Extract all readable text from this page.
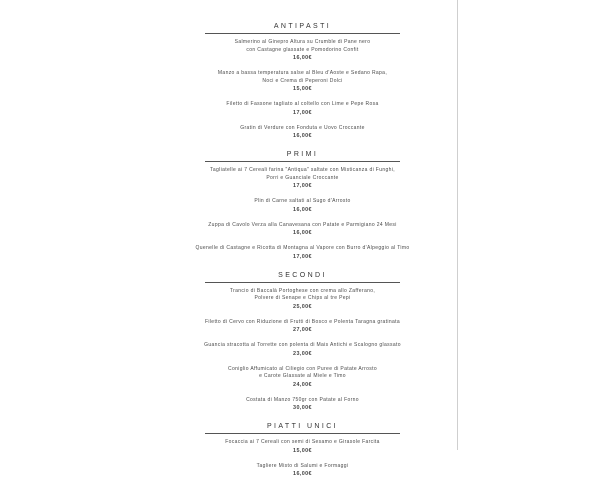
ANTIPASTI
Salmerino al Ginepro Altura su Crumble di Pane nero
con Castagne glassate e Pomodorino Confit
16,00€
Manzo a bassa temperatura salse al Bleu d'Aoste e Sedano Rapa,
Noci e Crema di Peperoni Dolci
15,00€
Filetto di Fassone tagliato al coltello con Lime e Pepe Rosa
17,00€
Gratin di Verdure con Fonduta e Uovo Croccante
16,00€
PRIMI
Tagliatelle ai 7 Cereali farina "Antiqua" saltate con Misticanza di Funghi,
Porri e Guanciale Croccante
17,00€
Plin di Carne saltati al Sugo d'Arrosto
16,00€
Zuppa di Cavolo Verza alla Canavesana con Patate e Parmigiano 24 Mesi
16,00€
Quenelle di Castagne e Ricotta di Montagna al Vapore con Burro d'Alpeggio al Timo
17,00€
SECONDI
Trancio di Baccalà Portoghese con crema allo Zafferano,
Polvere di Senape e Chips al tre Pepi
25,00€
Filetto di Cervo con Riduzione di Frutti di Bosco e Polenta Taragna gratinata
27,00€
Guancia stracotta al Torrette con polenta di Mais Antichi e Scalogno glassato
23,00€
Coniglio Affumicato al Ciliegio con Puree di Patate Arrosto
e Carote Glassate al Miele e Timo
24,00€
Costata di Manzo 750gr con Patate al Forno
30,00€
PIATTI UNICI
Focaccia ai 7 Cereali con semi di Sesamo e Girasole Farcita
15,00€
Tagliere Misto di Salumi e Formaggi
16,00€
